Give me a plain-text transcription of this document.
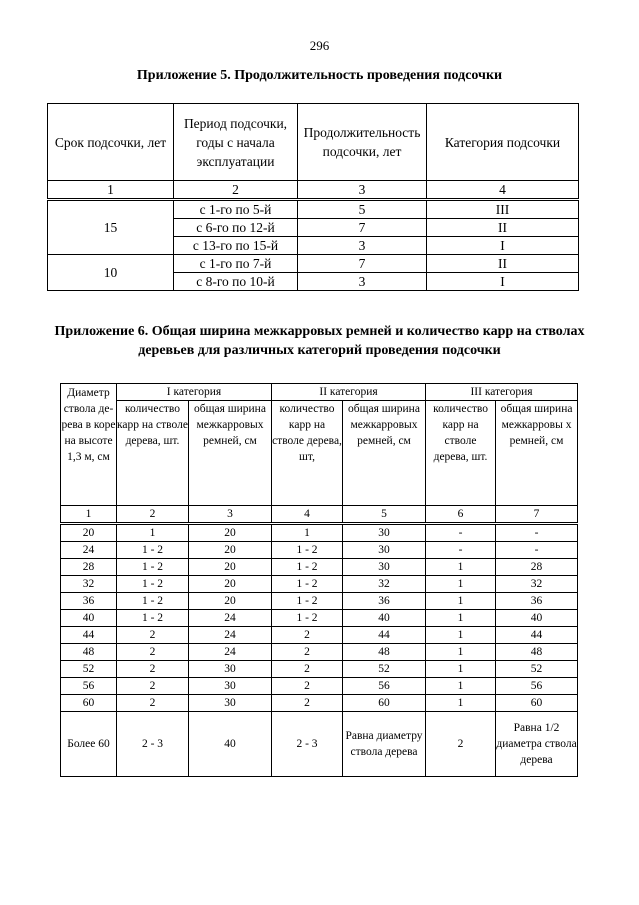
296
Приложение 5. Продолжительность проведения подсочки
Срок подсочки, лет	Период подсочки, годы с начала эксплуатации	Продолжительность подсочки, лет	Категория подсочки
1	2	3	4
15	с 1-го по 5-й	5	III
	с 6-го по 12-й	7	II
	с 13-го по 15-й	3	I
10	с 1-го по 7-й	7	II
	с 8-го по 10-й	3	I
Приложение 6. Общая ширина межкарровых ремней и количество карр на стволах деревьев для различных категорий проведения подсочки
Диаметр ствола де-рева в коре на высоте 1,3 м, см	I категория		II категория		III категория	
	количество карр на стволе дерева, шт.	общая ширина межкарровых ремней, см	количество карр на стволе дерева, шт,	общая ширина межкарровых ремней, см	количество карр на стволе дерева, шт.	общая ширина межкарровы х ремней, см
1	2	3	4	5	6	7
20	1	20	1	30	-	-
24	1 - 2	20	1 - 2	30	-	-
28	1 - 2	20	1 - 2	30	1	28
32	1 - 2	20	1 - 2	32	1	32
36	1 - 2	20	1 - 2	36	1	36
40	1 - 2	24	1 - 2	40	1	40
44	2	24	2	44	1	44
48	2	24	2	48	1	48
52	2	30	2	52	1	52
56	2	30	2	56	1	56
60	2	30	2	60	1	60
Более 60	2 - 3	40	2 - 3	Равна диаметру ствола дерева	2	Равна 1/2 диаметра ствола дерева
